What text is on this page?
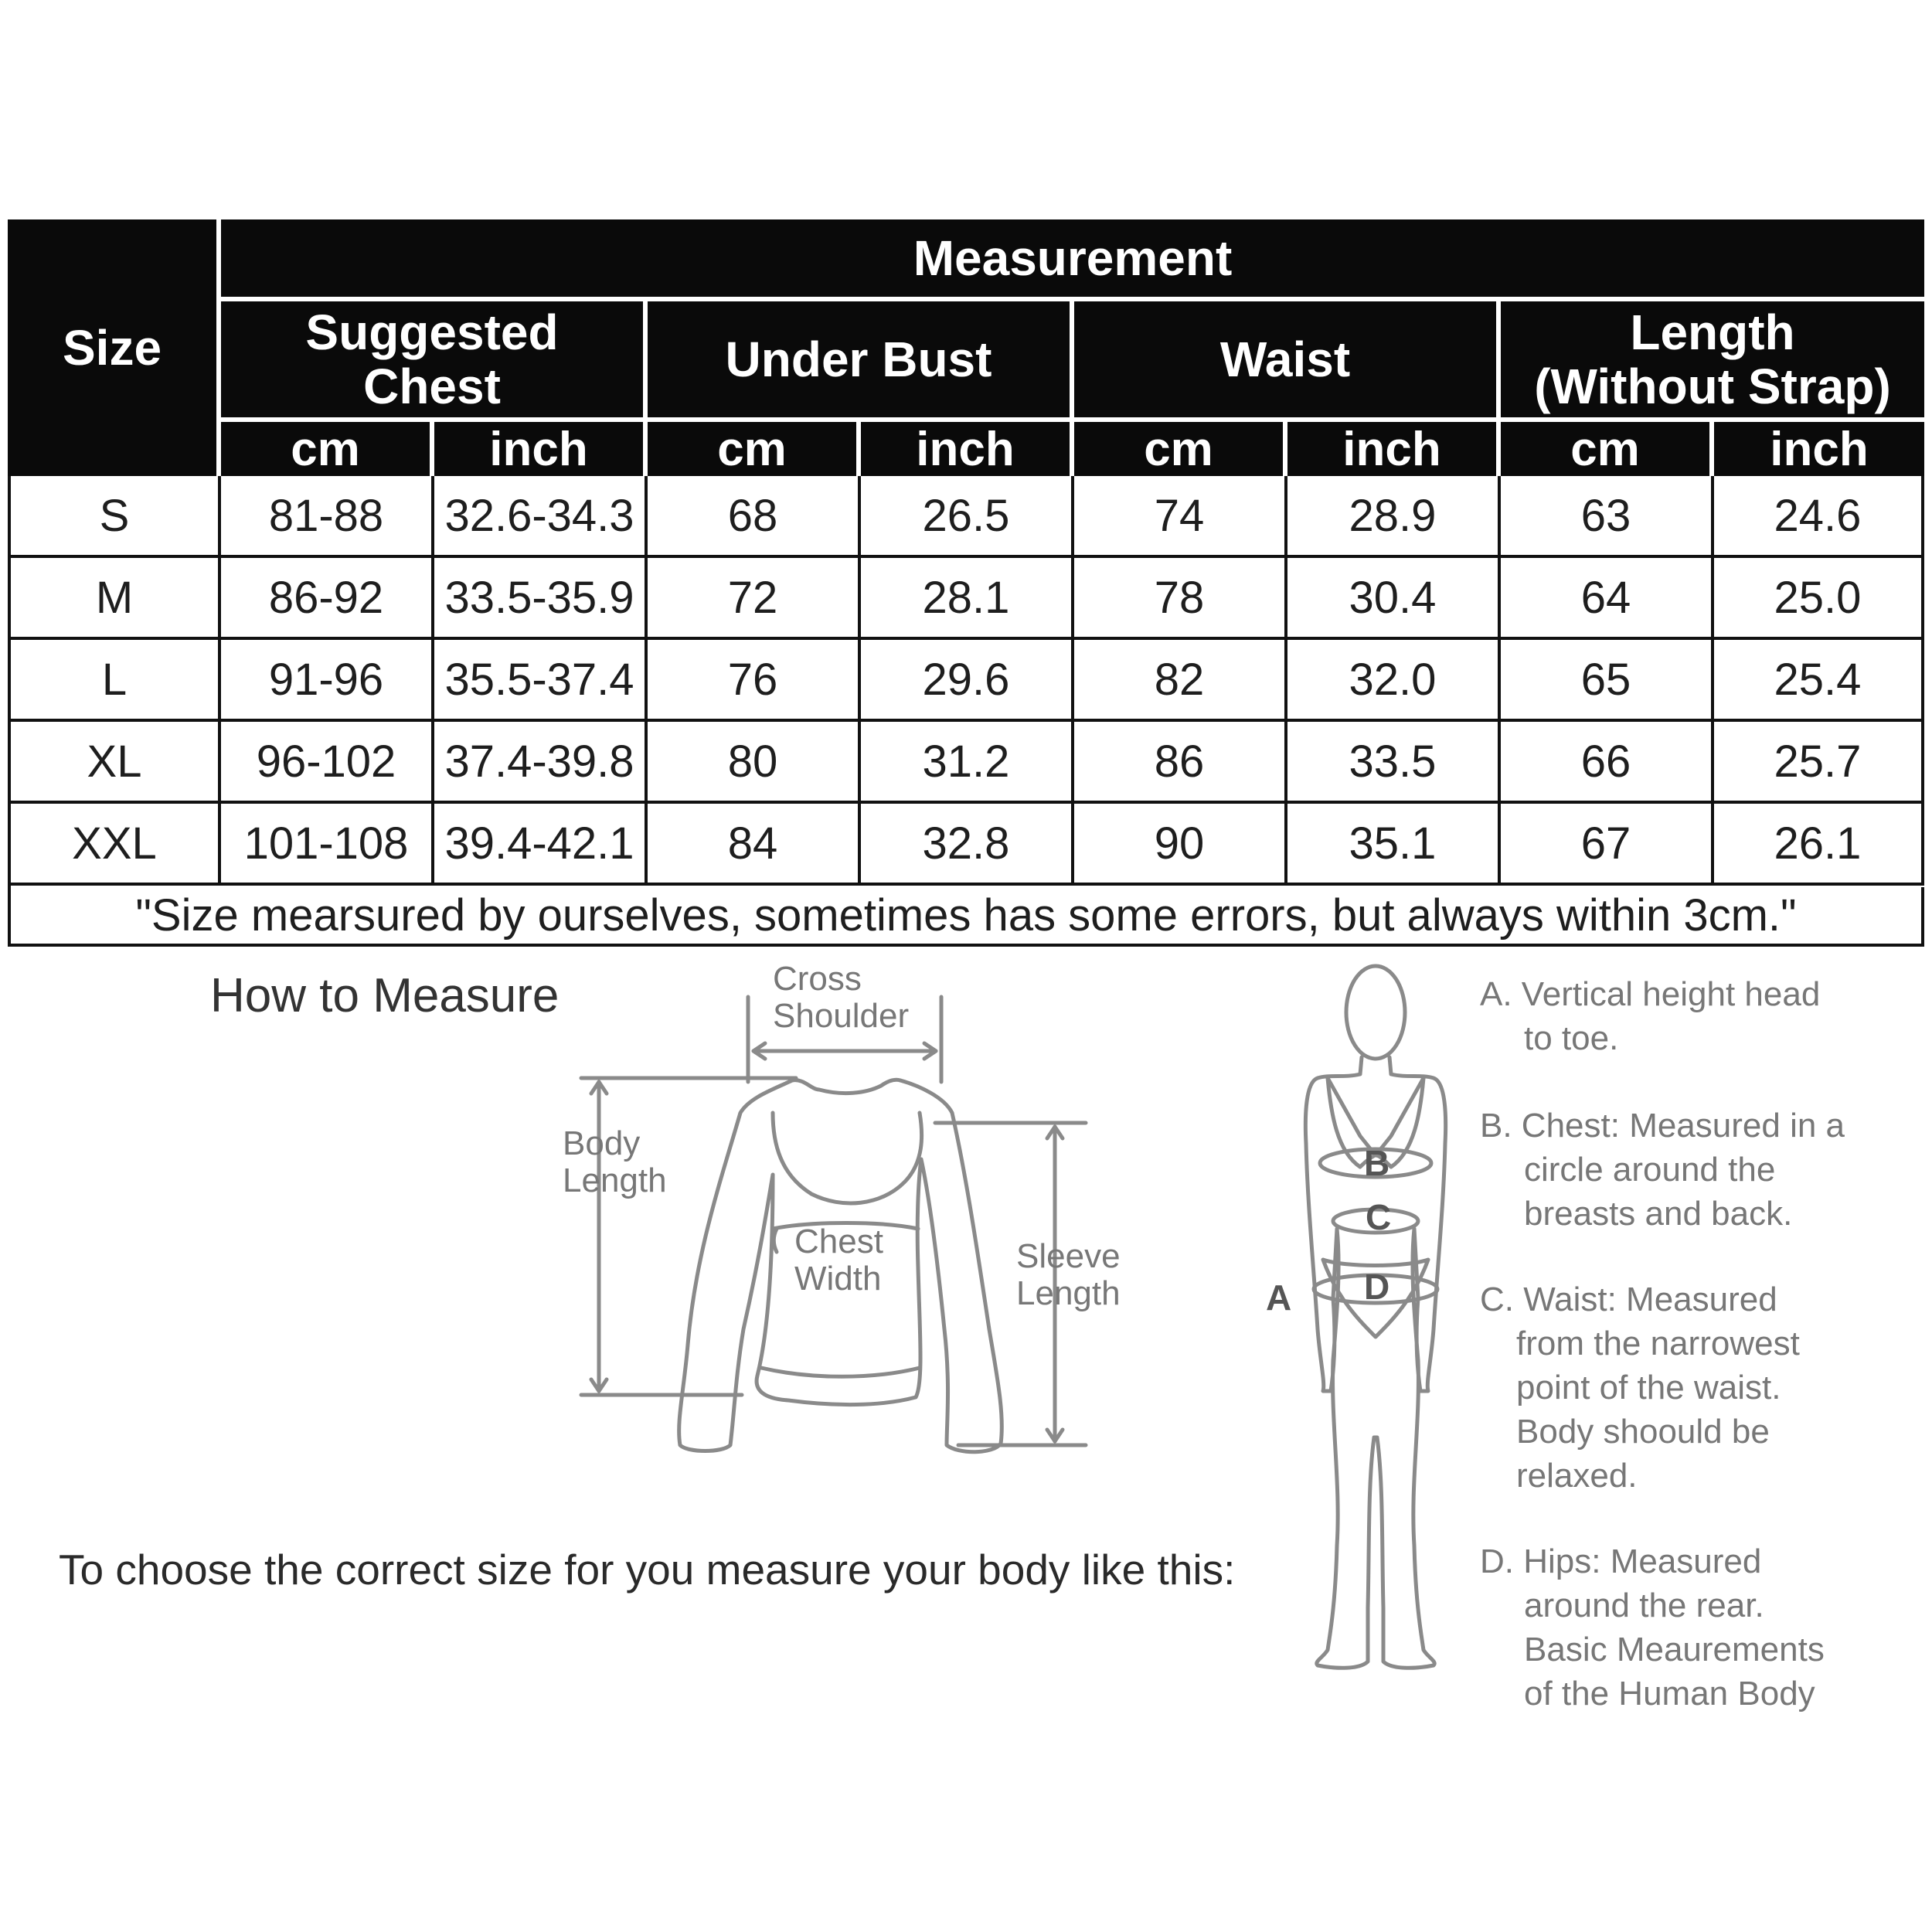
Size
Measurement
Suggested
Chest	Under Bust	Waist	Length
(Without Strap)
cm	inch	cm	inch	cm	inch	cm	inch
S	81-88	32.6-34.3	68	26.5	74	28.9	63	24.6
M	86-92	33.5-35.9	72	28.1	78	30.4	64	25.0
L	91-96	35.5-37.4	76	29.6	82	32.0	65	25.4
XL	96-102	37.4-39.8	80	31.2	86	33.5	66	25.7
XXL	101-108 39.4-42.1	84	32.8	90	35.1	67	26.1
"Size mearsured by ourselves, sometimes has some errors, but always within 3cm."
How to Measure	Cross
Shoulder
Body
Length
Chest
Width
Sleeve
Length
To choose the correct size for you measure your body like this:
A
B
C
D
A. Vertical height head
to toe.
B. Chest: Measured in a
circle around the
breasts and back.
C. Waist: Measured
from the narrowest
point of the waist.
Body shoould be
relaxed.
D. Hips: Measured
around the rear.
Basic Meaurements
of the Human Body
